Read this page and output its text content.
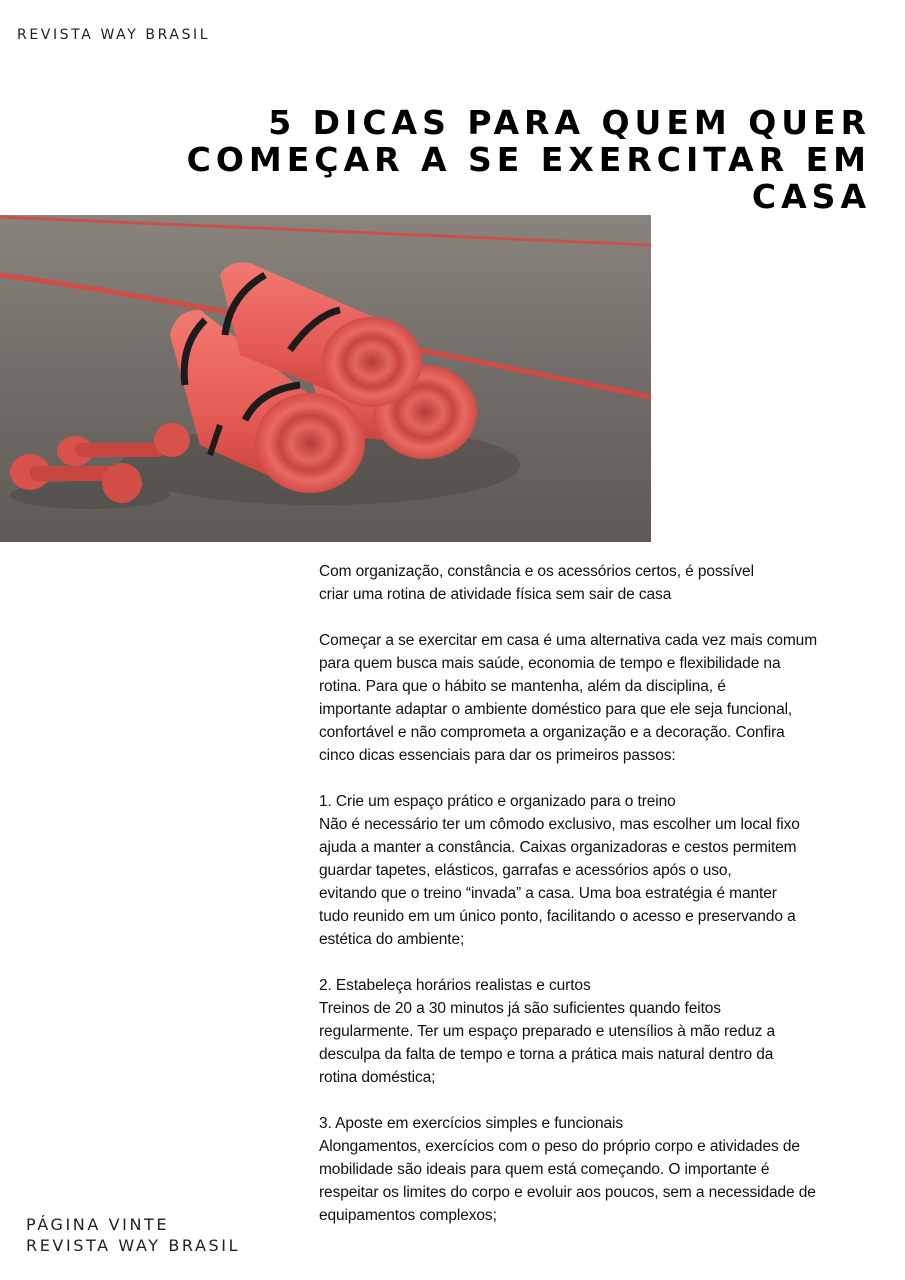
REVISTA WAY BRASIL
5 DICAS PARA QUEM QUER
COMEÇAR A SE EXERCITAR EM
CASA

Com organização, constância e os acessórios certos, é possível
criar uma rotina de atividade física sem sair de casa

Começar a se exercitar em casa é uma alternativa cada vez mais comum
para quem busca mais saúde, economia de tempo e flexibilidade na
rotina. Para que o hábito se mantenha, além da disciplina, é
importante adaptar o ambiente doméstico para que ele seja funcional,
confortável e não comprometa a organização e a decoração. Confira
cinco dicas essenciais para dar os primeiros passos:

1. Crie um espaço prático e organizado para o treino
Não é necessário ter um cômodo exclusivo, mas escolher um local fixo
ajuda a manter a constância. Caixas organizadoras e cestos permitem
guardar tapetes, elásticos, garrafas e acessórios após o uso,
evitando que o treino “invada” a casa. Uma boa estratégia é manter
tudo reunido em um único ponto, facilitando o acesso e preservando a
estética do ambiente;

2. Estabeleça horários realistas e curtos
Treinos de 20 a 30 minutos já são suficientes quando feitos
regularmente. Ter um espaço preparado e utensílios à mão reduz a
desculpa da falta de tempo e torna a prática mais natural dentro da
rotina doméstica;

3. Aposte em exercícios simples e funcionais
Alongamentos, exercícios com o peso do próprio corpo e atividades de
mobilidade são ideais para quem está começando. O importante é
respeitar os limites do corpo e evoluir aos poucos, sem a necessidade de
equipamentos complexos;

PÁGINA VINTE
REVISTA WAY BRASIL
